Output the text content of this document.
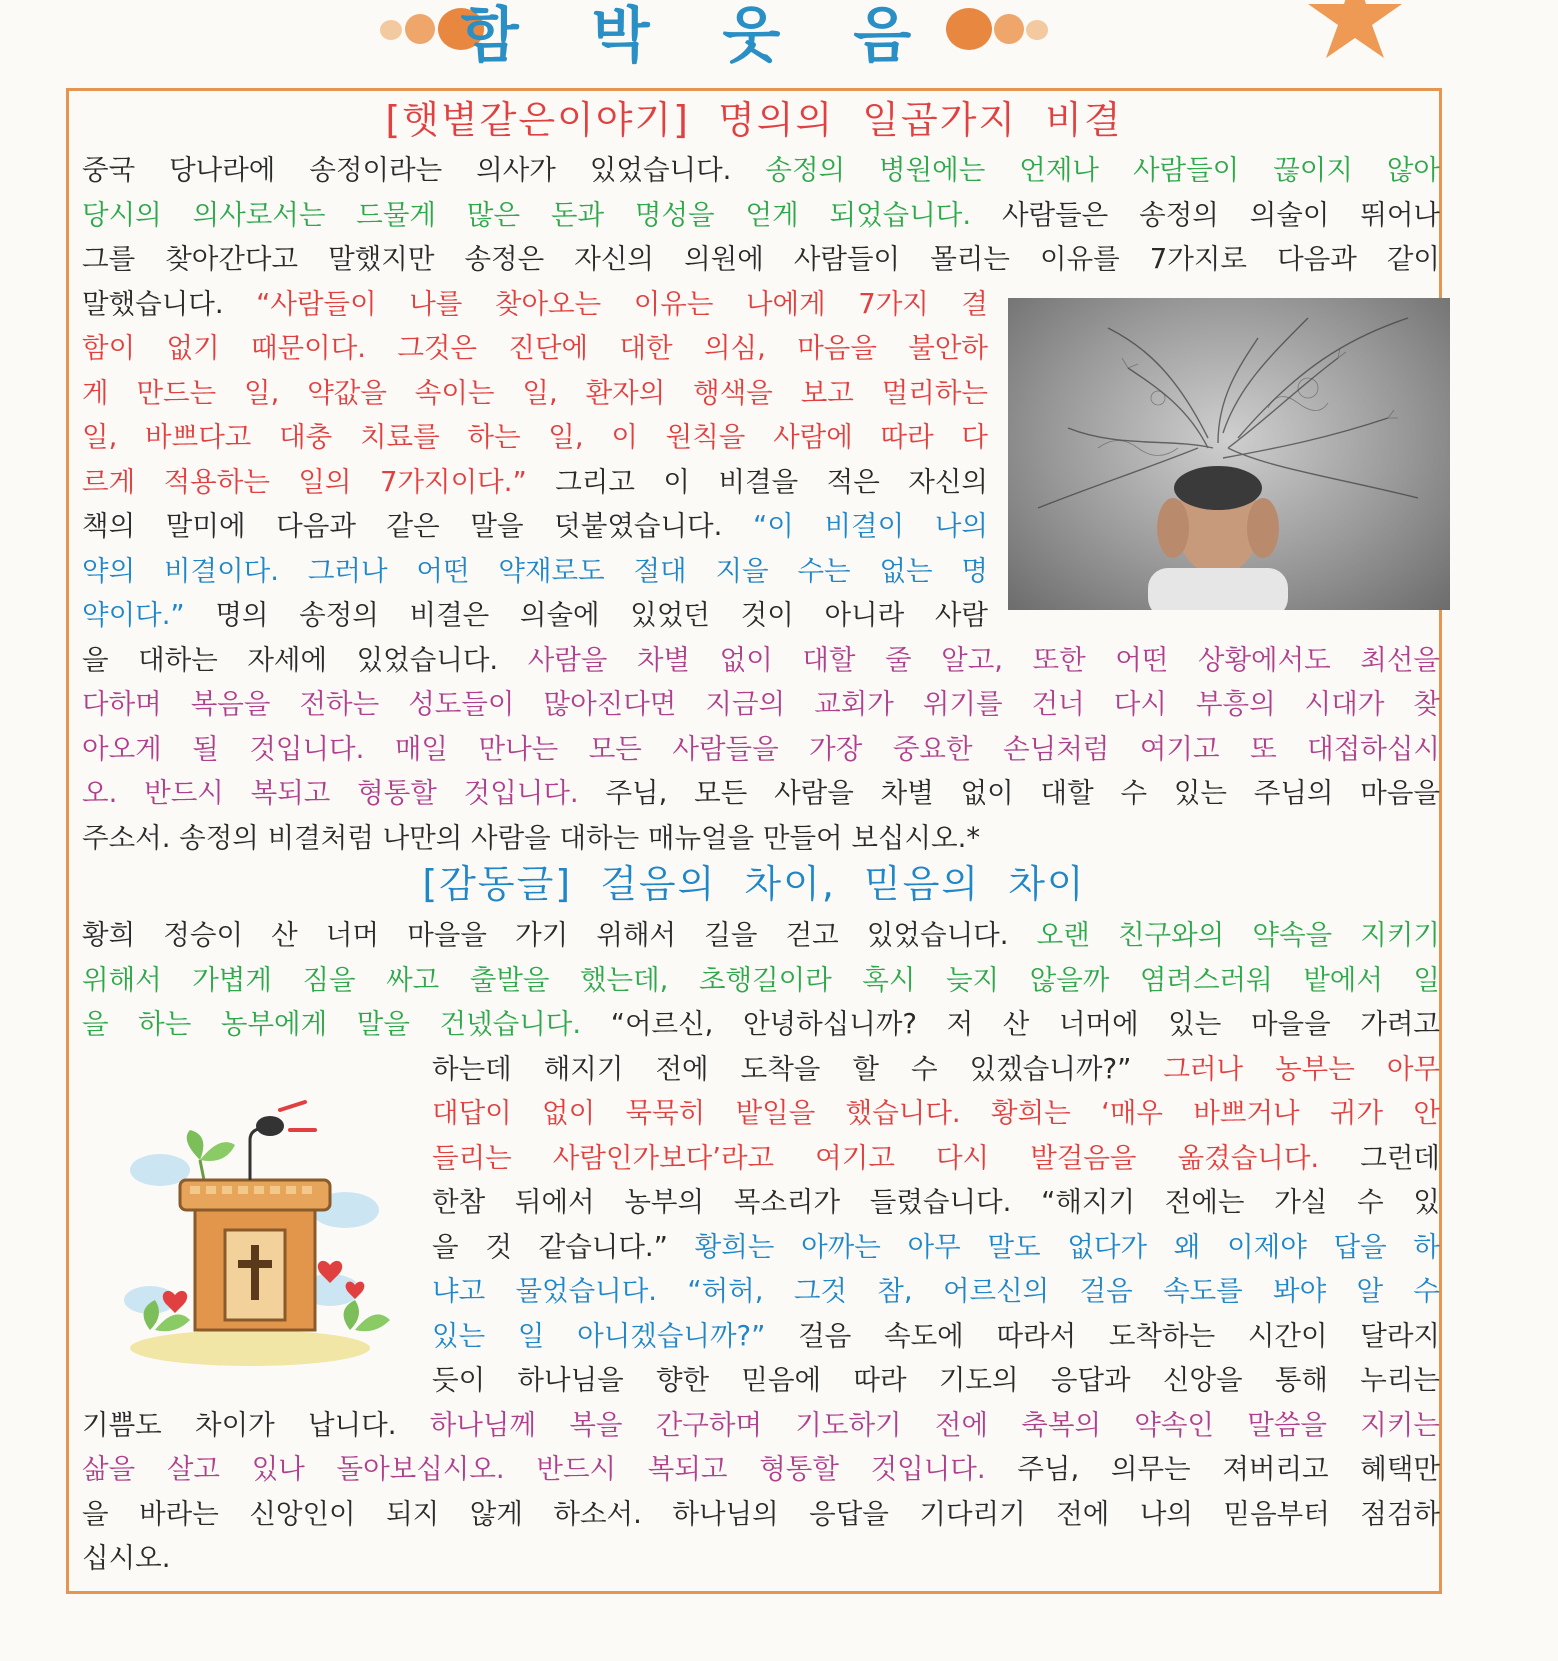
함 박 웃 음
[햇볕같은이야기] 명의의 일곱가지 비결
중국 당나라에 송정이라는 의사가 있었습니다. 송정의 병원에는 언제나 사람들이 끊이지 않아
당시의 의사로서는 드물게 많은 돈과 명성을 얻게 되었습니다. 사람들은 송정의 의술이 뛰어나
그를 찾아간다고 말했지만 송정은 자신의 의원에 사람들이 몰리는 이유를 7가지로 다음과 같이
말했습니다. “사람들이 나를 찾아오는 이유는 나에게 7가지 결
함이 없기 때문이다. 그것은 진단에 대한 의심, 마음을 불안하
게 만드는 일, 약값을 속이는 일, 환자의 행색을 보고 멀리하는
일, 바쁘다고 대충 치료를 하는 일, 이 원칙을 사람에 따라 다
르게 적용하는 일의 7가지이다.” 그리고 이 비결을 적은 자신의
책의 말미에 다음과 같은 말을 덧붙였습니다. “이 비결이 나의
약의 비결이다. 그러나 어떤 약재로도 절대 지을 수는 없는 명
약이다.” 명의 송정의 비결은 의술에 있었던 것이 아니라 사람
을 대하는 자세에 있었습니다. 사람을 차별 없이 대할 줄 알고, 또한 어떤 상황에서도 최선을
다하며 복음을 전하는 성도들이 많아진다면 지금의 교회가 위기를 건너 다시 부흥의 시대가 찾
아오게 될 것입니다. 매일 만나는 모든 사람들을 가장 중요한 손님처럼 여기고 또 대접하십시
오. 반드시 복되고 형통할 것입니다. 주님, 모든 사람을 차별 없이 대할 수 있는 주님의 마음을
주소서. 송정의 비결처럼 나만의 사람을 대하는 매뉴얼을 만들어 보십시오.*
[감동글] 걸음의 차이, 믿음의 차이
황희 정승이 산 너머 마을을 가기 위해서 길을 걷고 있었습니다. 오랜 친구와의 약속을 지키기
위해서 가볍게 짐을 싸고 출발을 했는데, 초행길이라 혹시 늦지 않을까 염려스러워 밭에서 일
을 하는 농부에게 말을 건넸습니다. “어르신, 안녕하십니까? 저 산 너머에 있는 마을을 가려고
하는데 해지기 전에 도착을 할 수 있겠습니까?” 그러나 농부는 아무
대답이 없이 묵묵히 밭일을 했습니다. 황희는 ‘매우 바쁘거나 귀가 안
들리는 사람인가보다’라고 여기고 다시 발걸음을 옮겼습니다. 그런데
한참 뒤에서 농부의 목소리가 들렸습니다. “해지기 전에는 가실 수 있
을 것 같습니다.” 황희는 아까는 아무 말도 없다가 왜 이제야 답을 하
냐고 물었습니다. “허허, 그것 참, 어르신의 걸음 속도를 봐야 알 수
있는 일 아니겠습니까?” 걸음 속도에 따라서 도착하는 시간이 달라지
듯이 하나님을 향한 믿음에 따라 기도의 응답과 신앙을 통해 누리는
기쁨도 차이가 납니다. 하나님께 복을 간구하며 기도하기 전에 축복의 약속인 말씀을 지키는
삶을 살고 있나 돌아보십시오. 반드시 복되고 형통할 것입니다. 주님, 의무는 져버리고 혜택만
을 바라는 신앙인이 되지 않게 하소서. 하나님의 응답을 기다리기 전에 나의 믿음부터 점검하
십시오.
